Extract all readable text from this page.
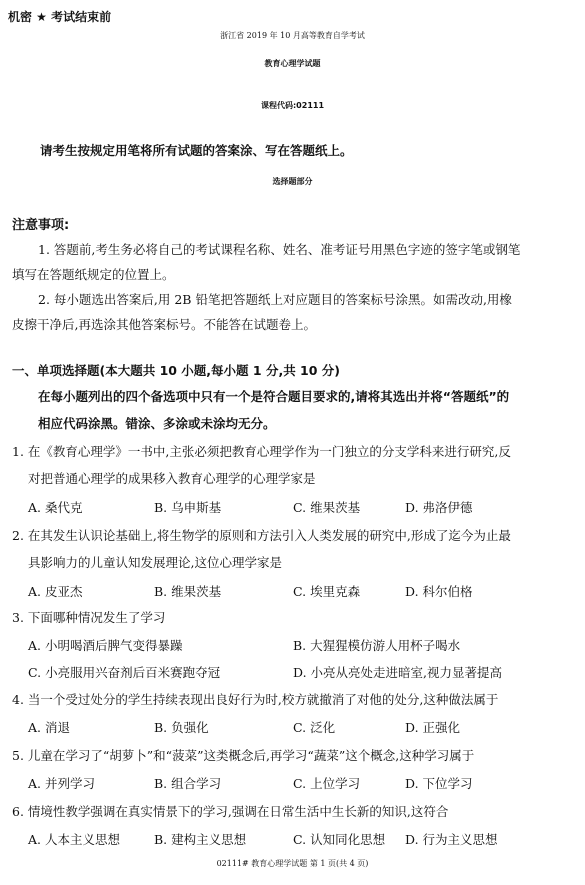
机密 ★ 考试结束前
浙江省 2019 年 10 月高等教育自学考试
教育心理学试题
课程代码:02111
请考生按规定用笔将所有试题的答案涂、写在答题纸上。
选择题部分
注意事项:
1. 答题前,考生务必将自己的考试课程名称、姓名、准考证号用黑色字迹的签字笔或钢笔
填写在答题纸规定的位置上。
2. 每小题选出答案后,用 2B 铅笔把答题纸上对应题目的答案标号涂黑。如需改动,用橡
皮擦干净后,再选涂其他答案标号。不能答在试题卷上。
一、单项选择题(本大题共 10 小题,每小题 1 分,共 10 分)
在每小题列出的四个备选项中只有一个是符合题目要求的,请将其选出并将“答题纸”的
相应代码涂黑。错涂、多涂或未涂均无分。
1. 在《教育心理学》一书中,主张必须把教育心理学作为一门独立的分支学科来进行研究,反
对把普通心理学的成果移入教育心理学的心理学家是
A. 桑代克	B. 乌申斯基	C. 维果茨基	D. 弗洛伊德
2. 在其发生认识论基础上,将生物学的原则和方法引入人类发展的研究中,形成了迄今为止最
具影响力的儿童认知发展理论,这位心理学家是
A. 皮亚杰	B. 维果茨基	C. 埃里克森	D. 科尔伯格
3. 下面哪种情况发生了学习
A. 小明喝酒后脾气变得暴躁	B. 大猩猩模仿游人用杯子喝水
C. 小亮服用兴奋剂后百米赛跑夺冠	D. 小亮从亮处走进暗室,视力显著提高
4. 当一个受过处分的学生持续表现出良好行为时,校方就撤消了对他的处分,这种做法属于
A. 消退	B. 负强化	C. 泛化	D. 正强化
5. 儿童在学习了“胡萝卜”和“菠菜”这类概念后,再学习“蔬菜”这个概念,这种学习属于
A. 并列学习	B. 组合学习	C. 上位学习	D. 下位学习
6. 情境性教学强调在真实情景下的学习,强调在日常生活中生长新的知识,这符合
A. 人本主义思想	B. 建构主义思想	C. 认知同化思想 D. 行为主义思想
02111# 教育心理学试题 第 1 页(共 4 页)
